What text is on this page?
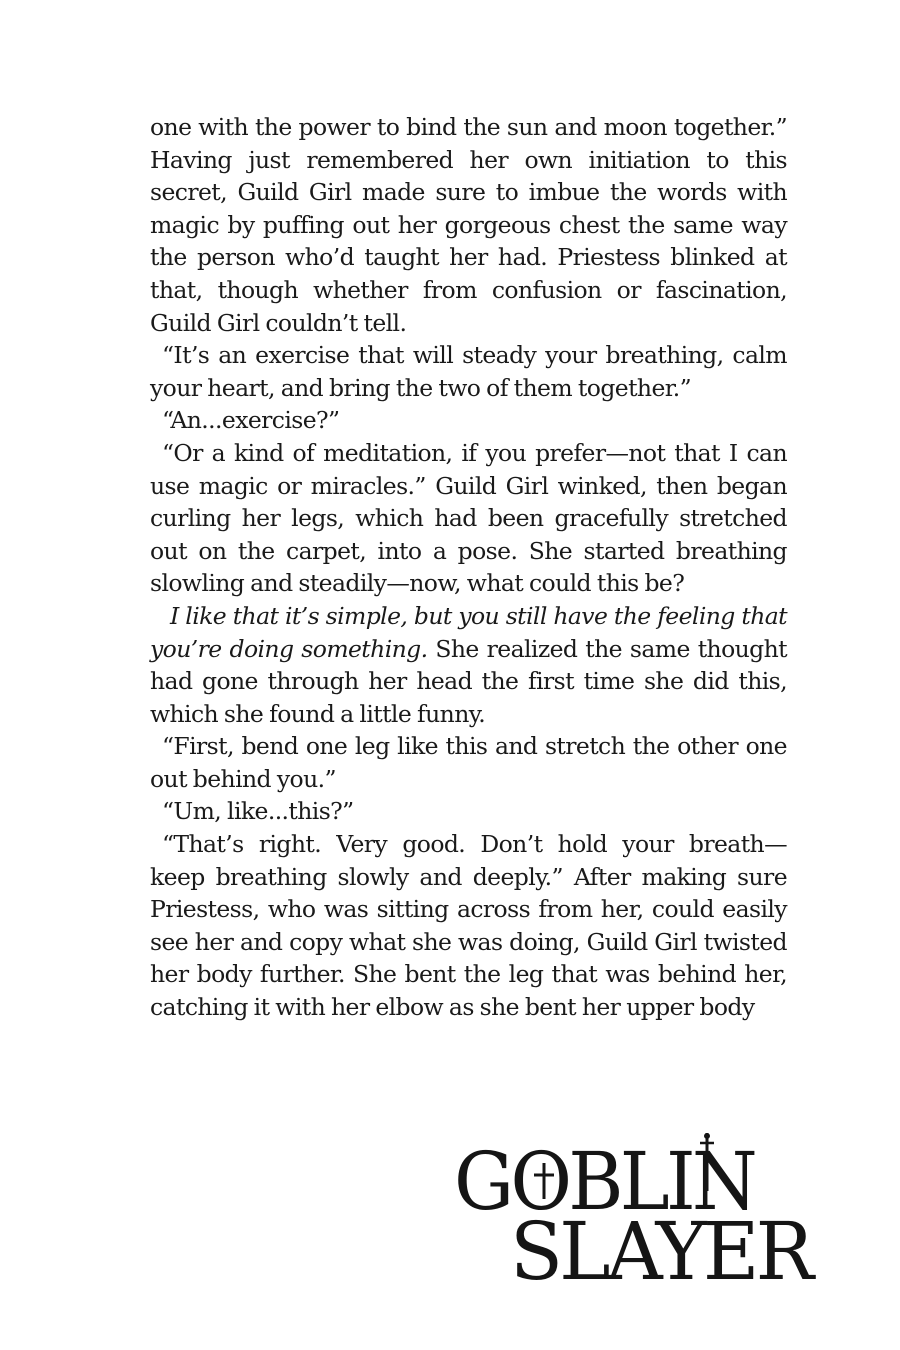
one with the power to bind the sun and moon together.”
Having just remembered her own initiation to this
secret, Guild Girl made sure to imbue the words with
magic by puffing out her gorgeous chest the same way
the person who’d taught her had. Priestess blinked at
that, though whether from confusion or fascination,
Guild Girl couldn’t tell.
“It’s an exercise that will steady your breathing, calm
your heart, and bring the two of them together.”
“An...exercise?”
“Or a kind of meditation, if you prefer—not that I can
use magic or miracles.” Guild Girl winked, then began
curling her legs, which had been gracefully stretched
out on the carpet, into a pose. She started breathing
slowling and steadily—now, what could this be?
I like that it’s simple, but you still have the feeling that
you’re doing something. She realized the same thought
had gone through her head the first time she did this,
which she found a little funny.
“First, bend one leg like this and stretch the other one
out behind you.”
“Um, like...this?”
“That’s right. Very good. Don’t hold your breath—
keep breathing slowly and deeply.” After making sure
Priestess, who was sitting across from her, could easily
see her and copy what she was doing, Guild Girl twisted
her body further. She bent the leg that was behind her,
catching it with her elbow as she bent her upper body
GOBLIN
SLAYER
